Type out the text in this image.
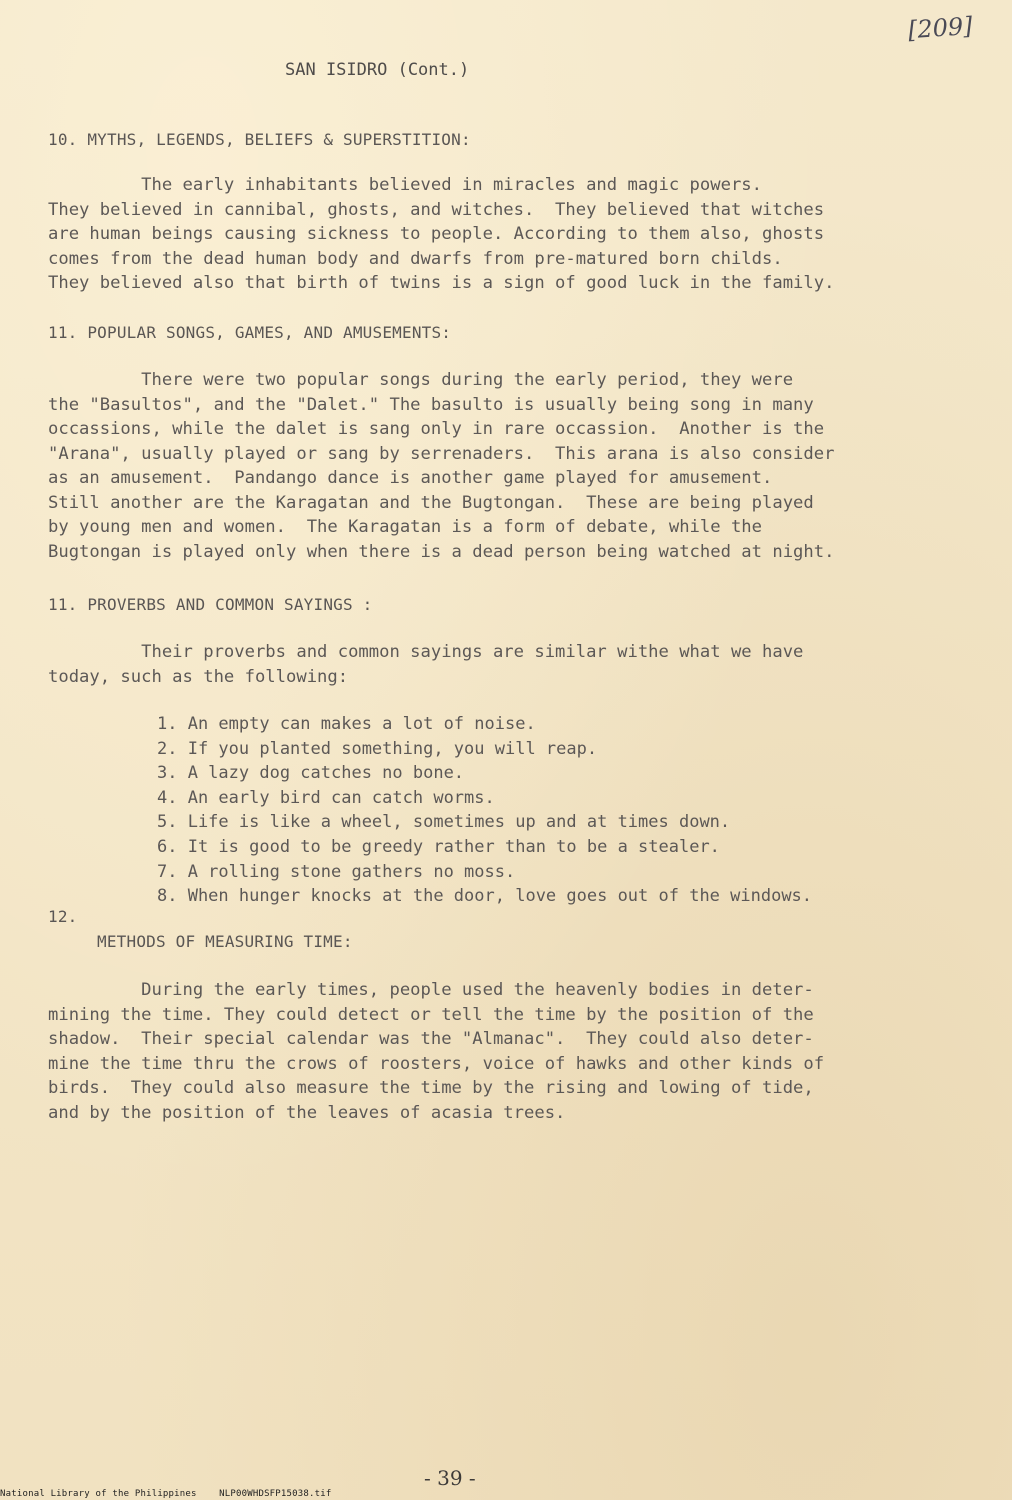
[209]
SAN ISIDRO (Cont.)
10. MYTHS, LEGENDS, BELIEFS & SUPERSTITION:
The early inhabitants believed in miracles and magic powers.
They believed in cannibal, ghosts, and witches.  They believed that witches
are human beings causing sickness to people. According to them also, ghosts
comes from the dead human body and dwarfs from pre-matured born childs.
They believed also that birth of twins is a sign of good luck in the family.
11. POPULAR SONGS, GAMES, AND AMUSEMENTS:
There were two popular songs during the early period, they were
the "Basultos", and the "Dalet." The basulto is usually being song in many
occassions, while the dalet is sang only in rare occassion.  Another is the
"Arana", usually played or sang by serrenaders.  This arana is also consider
as an amusement.  Pandango dance is another game played for amusement.
Still another are the Karagatan and the Bugtongan.  These are being played
by young men and women.  The Karagatan is a form of debate, while the
Bugtongan is played only when there is a dead person being watched at night.
11. PROVERBS AND COMMON SAYINGS :
Their proverbs and common sayings are similar withe what we have
today, such as the following:
1. An empty can makes a lot of noise.
2. If you planted something, you will reap.
3. A lazy dog catches no bone.
4. An early bird can catch worms.
5. Life is like a wheel, sometimes up and at times down.
6. It is good to be greedy rather than to be a stealer.
7. A rolling stone gathers no moss.
8. When hunger knocks at the door, love goes out of the windows.
12.
METHODS OF MEASURING TIME:
During the early times, people used the heavenly bodies in deter-
mining the time. They could detect or tell the time by the position of the
shadow.  Their special calendar was the "Almanac".  They could also deter-
mine the time thru the crows of roosters, voice of hawks and other kinds of
birds.  They could also measure the time by the rising and lowing of tide,
and by the position of the leaves of acasia trees.
- 39 -
National Library of the Philippines    NLP00WHDSFP15038.tif
